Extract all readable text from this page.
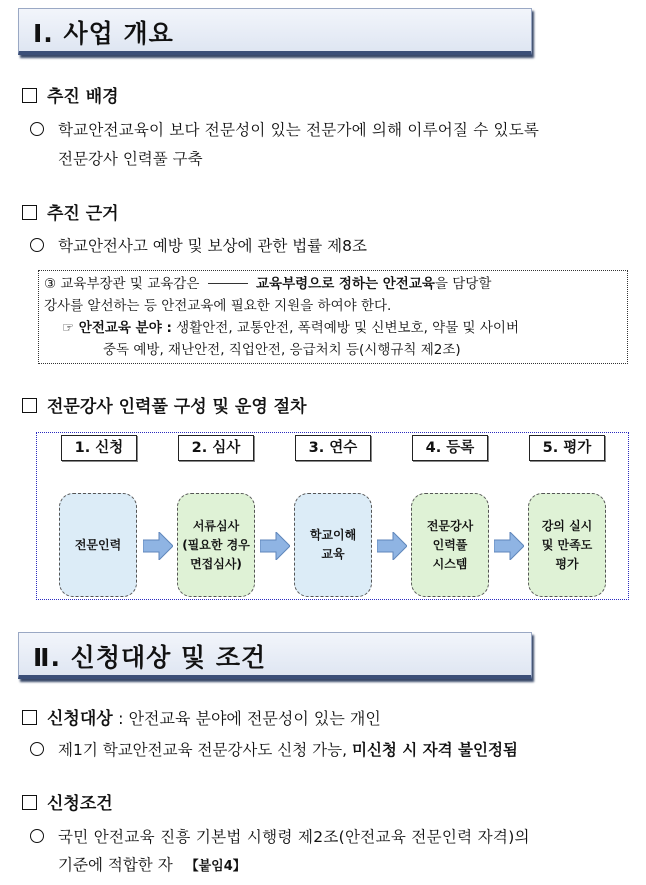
Ⅰ. 사업 개요
추진 배경
학교안전교육이 보다 전문성이 있는 전문가에 의해 이루어질 수 있도록
전문강사 인력풀 구축
추진 근거
학교안전사고 예방 및 보상에 관한 법률 제8조
③ 교육부장관 및 교육감은	교육부령으로 정하는 안전교육을 담당할
강사를 알선하는 등 안전교육에 필요한 지원을 하여야 한다.
☞ 안전교육 분야 : 생활안전, 교통안전, 폭력예방 및 신변보호, 약물 및 사이버
중독 예방, 재난안전, 직업안전, 응급처치 등(시행규칙 제2조)
전문강사 인력풀 구성 및 운영 절차
1. 신청	2. 심사	3. 연수	4. 등록	5. 평가
전문인력
서류심사
(필요한 경우
면접심사)
학교이해
교육
전문강사
인력풀
시스템
강의 실시
및 만족도
평가
Ⅱ. 신청대상 및 조건
신청대상 : 안전교육 분야에 전문성이 있는 개인
제1기 학교안전교육 전문강사도 신청 가능, 미신청 시 자격 불인정됨
신청조건
국민 안전교육 진흥 기본법 시행령 제2조(안전교육 전문인력 자격)의
기준에 적합한 자 【붙임4】
